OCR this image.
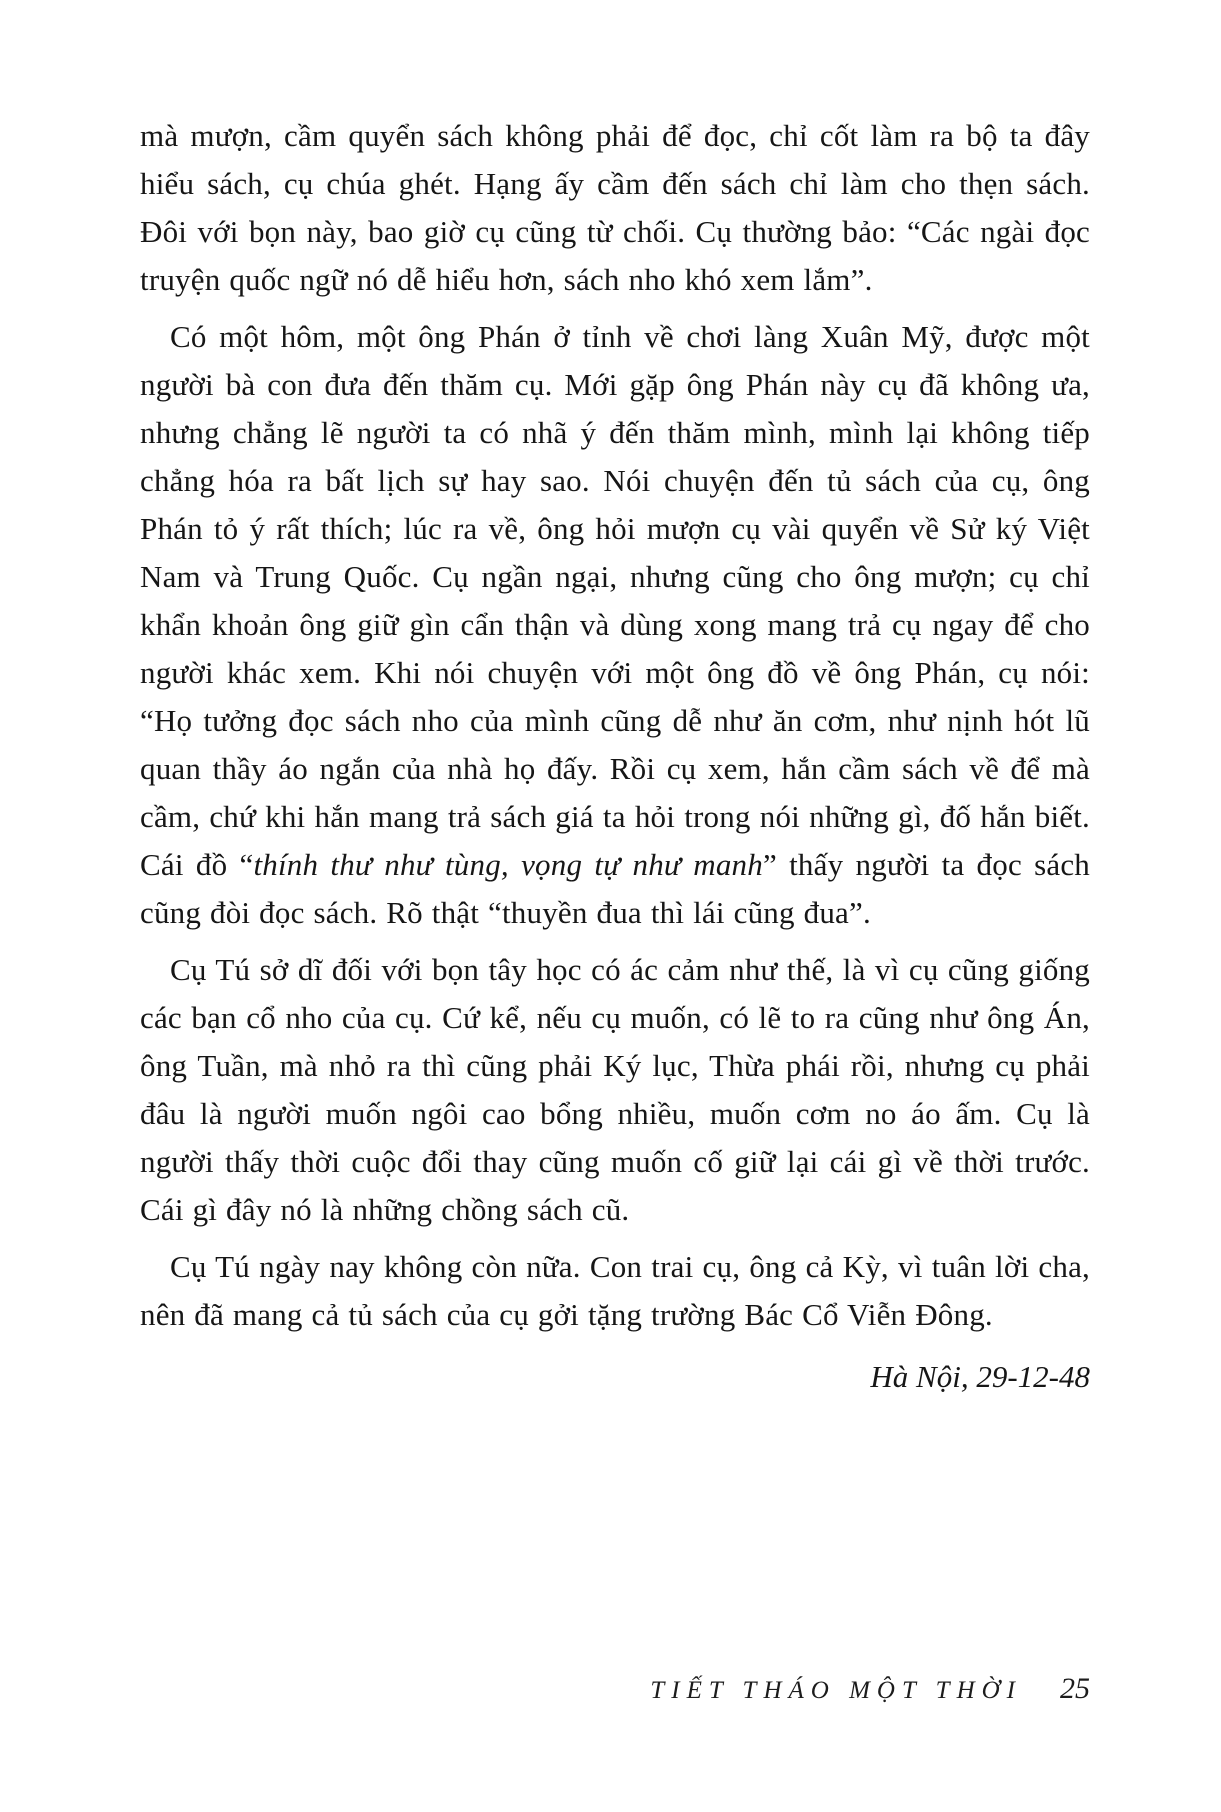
mà mượn, cầm quyển sách không phải để đọc, chỉ cốt làm ra bộ ta đây hiểu sách, cụ chúa ghét. Hạng ấy cầm đến sách chỉ làm cho thẹn sách. Đôi với bọn này, bao giờ cụ cũng từ chối. Cụ thường bảo: “Các ngài đọc truyện quốc ngữ nó dễ hiểu hơn, sách nho khó xem lắm”.

Có một hôm, một ông Phán ở tỉnh về chơi làng Xuân Mỹ, được một người bà con đưa đến thăm cụ. Mới gặp ông Phán này cụ đã không ưa, nhưng chẳng lẽ người ta có nhã ý đến thăm mình, mình lại không tiếp chẳng hóa ra bất lịch sự hay sao. Nói chuyện đến tủ sách của cụ, ông Phán tỏ ý rất thích; lúc ra về, ông hỏi mượn cụ vài quyển về Sử ký Việt Nam và Trung Quốc. Cụ ngần ngại, nhưng cũng cho ông mượn; cụ chỉ khẩn khoản ông giữ gìn cẩn thận và dùng xong mang trả cụ ngay để cho người khác xem. Khi nói chuyện với một ông đồ về ông Phán, cụ nói: “Họ tưởng đọc sách nho của mình cũng dễ như ăn cơm, như nịnh hót lũ quan thầy áo ngắn của nhà họ đấy. Rồi cụ xem, hắn cầm sách về để mà cầm, chứ khi hắn mang trả sách giá ta hỏi trong nói những gì, đố hắn biết. Cái đồ “thính thư như tùng, vọng tự như manh” thấy người ta đọc sách cũng đòi đọc sách. Rõ thật “thuyền đua thì lái cũng đua”.

Cụ Tú sở dĩ đối với bọn tây học có ác cảm như thế, là vì cụ cũng giống các bạn cổ nho của cụ. Cứ kể, nếu cụ muốn, có lẽ to ra cũng như ông Án, ông Tuần, mà nhỏ ra thì cũng phải Ký lục, Thừa phái rồi, nhưng cụ phải đâu là người muốn ngôi cao bổng nhiều, muốn cơm no áo ấm. Cụ là người thấy thời cuộc đổi thay cũng muốn cố giữ lại cái gì về thời trước. Cái gì đây nó là những chồng sách cũ.

Cụ Tú ngày nay không còn nữa. Con trai cụ, ông cả Kỳ, vì tuân lời cha, nên đã mang cả tủ sách của cụ gởi tặng trường Bác Cổ Viễn Đông.

Hà Nội, 29-12-48

TIẾT THÁO MỘT THỜI 25
